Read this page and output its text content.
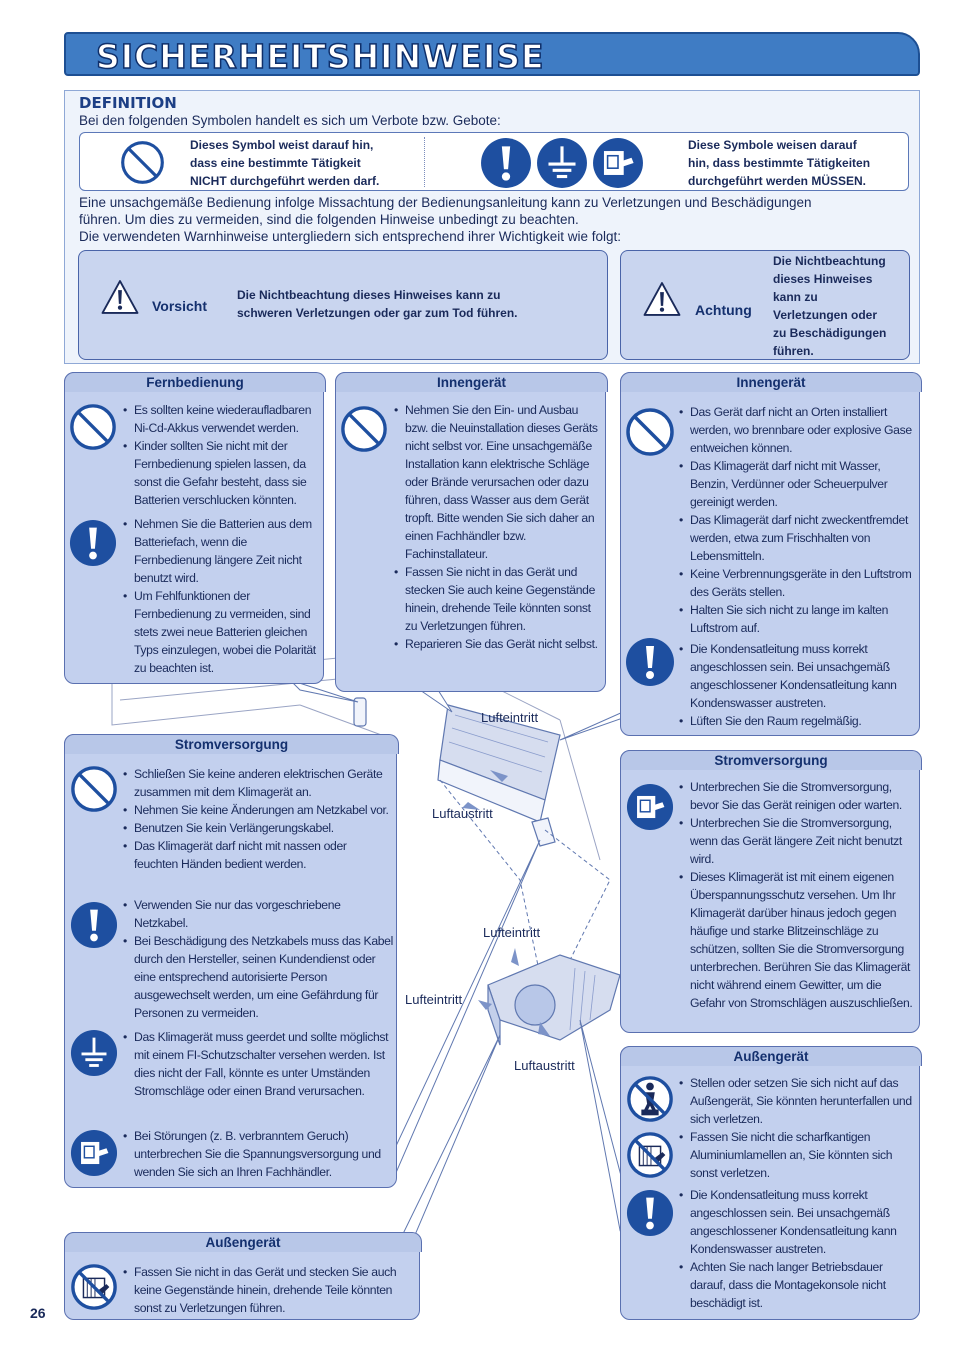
SICHERHEITSHINWEISE
DEFINITION
Bei den folgenden Symbolen handelt es sich um Verbote bzw. Gebote:
Dieses Symbol weist darauf hin,
dass eine bestimmte Tätigkeit
NICHT durchgeführt werden darf.
Diese Symbole weisen darauf
hin, dass bestimmte Tätigkeiten
durchgeführt werden MÜSSEN.
Eine unsachgemäße Bedienung infolge Missachtung der Bedienungsanleitung kann zu Verletzungen und Beschädigungen
führen. Um dies zu vermeiden, sind die folgenden Hinweise unbedingt zu beachten.
Die verwendeten Warnhinweise untergliedern sich entsprechend ihrer Wichtigkeit wie folgt:
Vorsicht
Die Nichtbeachtung dieses Hinweises kann zu
schweren Verletzungen oder gar zum Tod führen.	Achtung
Die Nichtbeachtung
dieses Hinweises
kann zu
Verletzungen oder
zu Beschädigungen
führen.
Lufteintritt
Luftaustritt
Lufteintritt
Lufteintritt
Luftaustritt
Fernbedienung
• Es sollten keine wiederaufladbaren Ni-Cd-Akkus verwendet werden.
• Kinder sollten Sie nicht mit der Fernbedienung spielen lassen, da sonst die Gefahr besteht, dass sie Batterien verschlucken könnten.
• Nehmen Sie die Batterien aus dem Batteriefach, wenn die Fernbedienung längere Zeit nicht benutzt wird.
• Um Fehlfunktionen der Fernbedienung zu vermeiden, sind stets zwei neue Batterien gleichen Typs einzulegen, wobei die Polarität zu beachten ist.
Innengerät
• Nehmen Sie den Ein- und Ausbau bzw. die Neuinstallation dieses Geräts nicht selbst vor. Eine unsachgemäße Installation kann elektrische Schläge oder Brände verursachen oder dazu führen, dass Wasser aus dem Gerät tropft. Bitte wenden Sie sich daher an einen Fachhändler bzw. Fachinstallateur.
• Fassen Sie nicht in das Gerät und stecken Sie auch keine Gegenstände hinein, drehende Teile könnten sonst zu Verletzungen führen.
• Reparieren Sie das Gerät nicht selbst.
Innengerät
• Das Gerät darf nicht an Orten installiert werden, wo brennbare oder explosive Gase entweichen können.
• Das Klimagerät darf nicht mit Wasser, Benzin, Verdünner oder Scheuerpulver gereinigt werden.
• Das Klimagerät darf nicht zweckentfremdet werden, etwa zum Frischhalten von Lebensmitteln.
• Keine Verbrennungsgeräte in den Luftstrom des Geräts stellen.
• Halten Sie sich nicht zu lange im kalten Luftstrom auf.
• Die Kondensatleitung muss korrekt angeschlossen sein. Bei unsachgemäß angeschlossener Kondensatleitung kann Kondenswasser austreten.
• Lüften Sie den Raum regelmäßig.
Stromversorgung
• Schließen Sie keine anderen elektrischen Geräte zusammen mit dem Klimagerät an.
• Nehmen Sie keine Änderungen am Netzkabel vor.
• Benutzen Sie kein Verlängerungskabel.
• Das Klimagerät darf nicht mit nassen oder feuchten Händen bedient werden.
• Verwenden Sie nur das vorgeschriebene Netzkabel.
• Bei Beschädigung des Netzkabels muss das Kabel durch den Hersteller, seinen Kundendienst oder eine entsprechend autorisierte Person ausgewechselt werden, um eine Gefährdung für Personen zu vermeiden.
• Das Klimagerät muss geerdet und sollte möglichst mit einem FI-Schutzschalter versehen werden. Ist dies nicht der Fall, könnte es unter Umständen Stromschläge oder einen Brand verursachen.
• Bei Störungen (z. B. verbranntem Geruch) unterbrechen Sie die Spannungsversorgung und wenden Sie sich an Ihren Fachhändler.
Stromversorgung
• Unterbrechen Sie die Stromversorgung, bevor Sie das Gerät reinigen oder warten.
• Unterbrechen Sie die Stromversorgung, wenn das Gerät längere Zeit nicht benutzt wird.
• Dieses Klimagerät ist mit einem eigenen Überspannungsschutz versehen. Um Ihr Klimagerät darüber hinaus jedoch gegen häufige und starke Blitzeinschläge zu schützen, sollten Sie die Stromversorgung unterbrechen. Berühren Sie das Klimagerät nicht während einem Gewitter, um die Gefahr von Stromschlägen auszuschließen.
Außengerät
• Fassen Sie nicht in das Gerät und stecken Sie auch keine Gegenstände hinein, drehende Teile könnten sonst zu Verletzungen führen.
Außengerät
• Stellen oder setzen Sie sich nicht auf das Außengerät, Sie könnten herunterfallen und sich verletzen.
• Fassen Sie nicht die scharfkantigen Aluminiumlamellen an, Sie könnten sich sonst verletzen.
• Die Kondensatleitung muss korrekt angeschlossen sein. Bei unsachgemäß angeschlossener Kondensatleitung kann Kondenswasser austreten.
• Achten Sie nach langer Betriebsdauer darauf, dass die Montagekonsole nicht beschädigt ist.
26
